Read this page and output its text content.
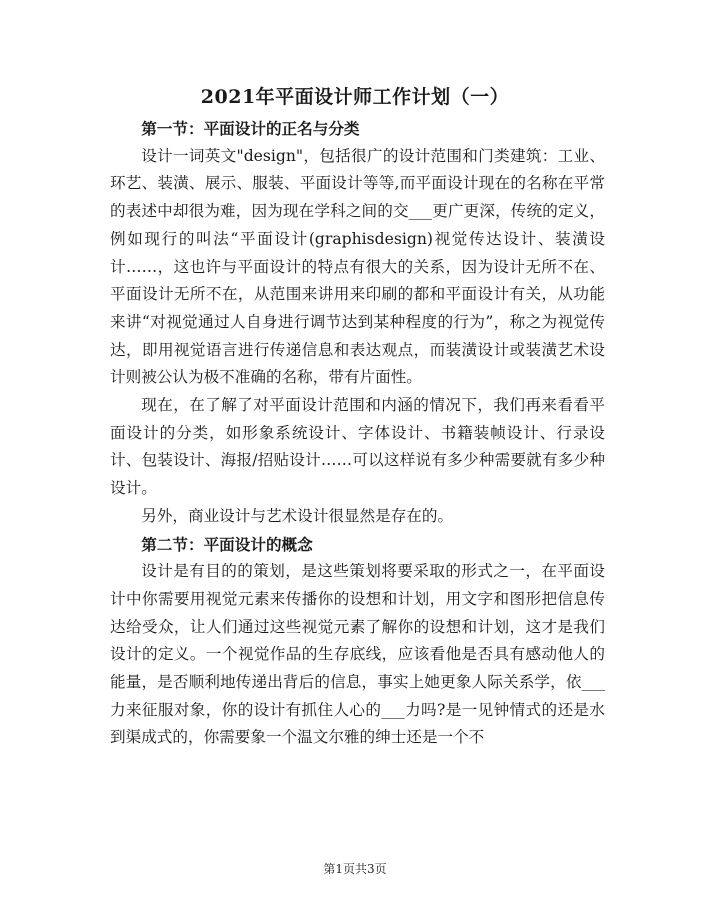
2021年平面设计师工作计划（一）

第一节：平面设计的正名与分类

设计一词英文"design"，包括很广的设计范围和门类建筑：工业、环艺、装潢、展示、服装、平面设计等等,而平面设计现在的名称在平常的表述中却很为难，因为现在学科之间的交___更广更深，传统的定义，例如现行的叫法“平面设计(graphisdesign)视觉传达设计、装潢设计……，这也许与平面设计的特点有很大的关系，因为设计无所不在、平面设计无所不在，从范围来讲用来印刷的都和平面设计有关，从功能来讲“对视觉通过人自身进行调节达到某种程度的行为”，称之为视觉传达，即用视觉语言进行传递信息和表达观点，而装潢设计或装潢艺术设计则被公认为极不准确的名称，带有片面性。

现在，在了解了对平面设计范围和内涵的情况下，我们再来看看平面设计的分类，如形象系统设计、字体设计、书籍装帧设计、行录设计、包装设计、海报/招贴设计……可以这样说有多少种需要就有多少种设计。

另外，商业设计与艺术设计很显然是存在的。

第二节：平面设计的概念

设计是有目的的策划，是这些策划将要采取的形式之一，在平面设计中你需要用视觉元素来传播你的设想和计划，用文字和图形把信息传达给受众，让人们通过这些视觉元素了解你的设想和计划，这才是我们设计的定义。一个视觉作品的生存底线，应该看他是否具有感动他人的能量，是否顺利地传递出背后的信息，事实上她更象人际关系学，依___力来征服对象，你的设计有抓住人心的___力吗?是一见钟情式的还是水到渠成式的，你需要象一个温文尔雅的绅士还是一个不

第1页共3页
